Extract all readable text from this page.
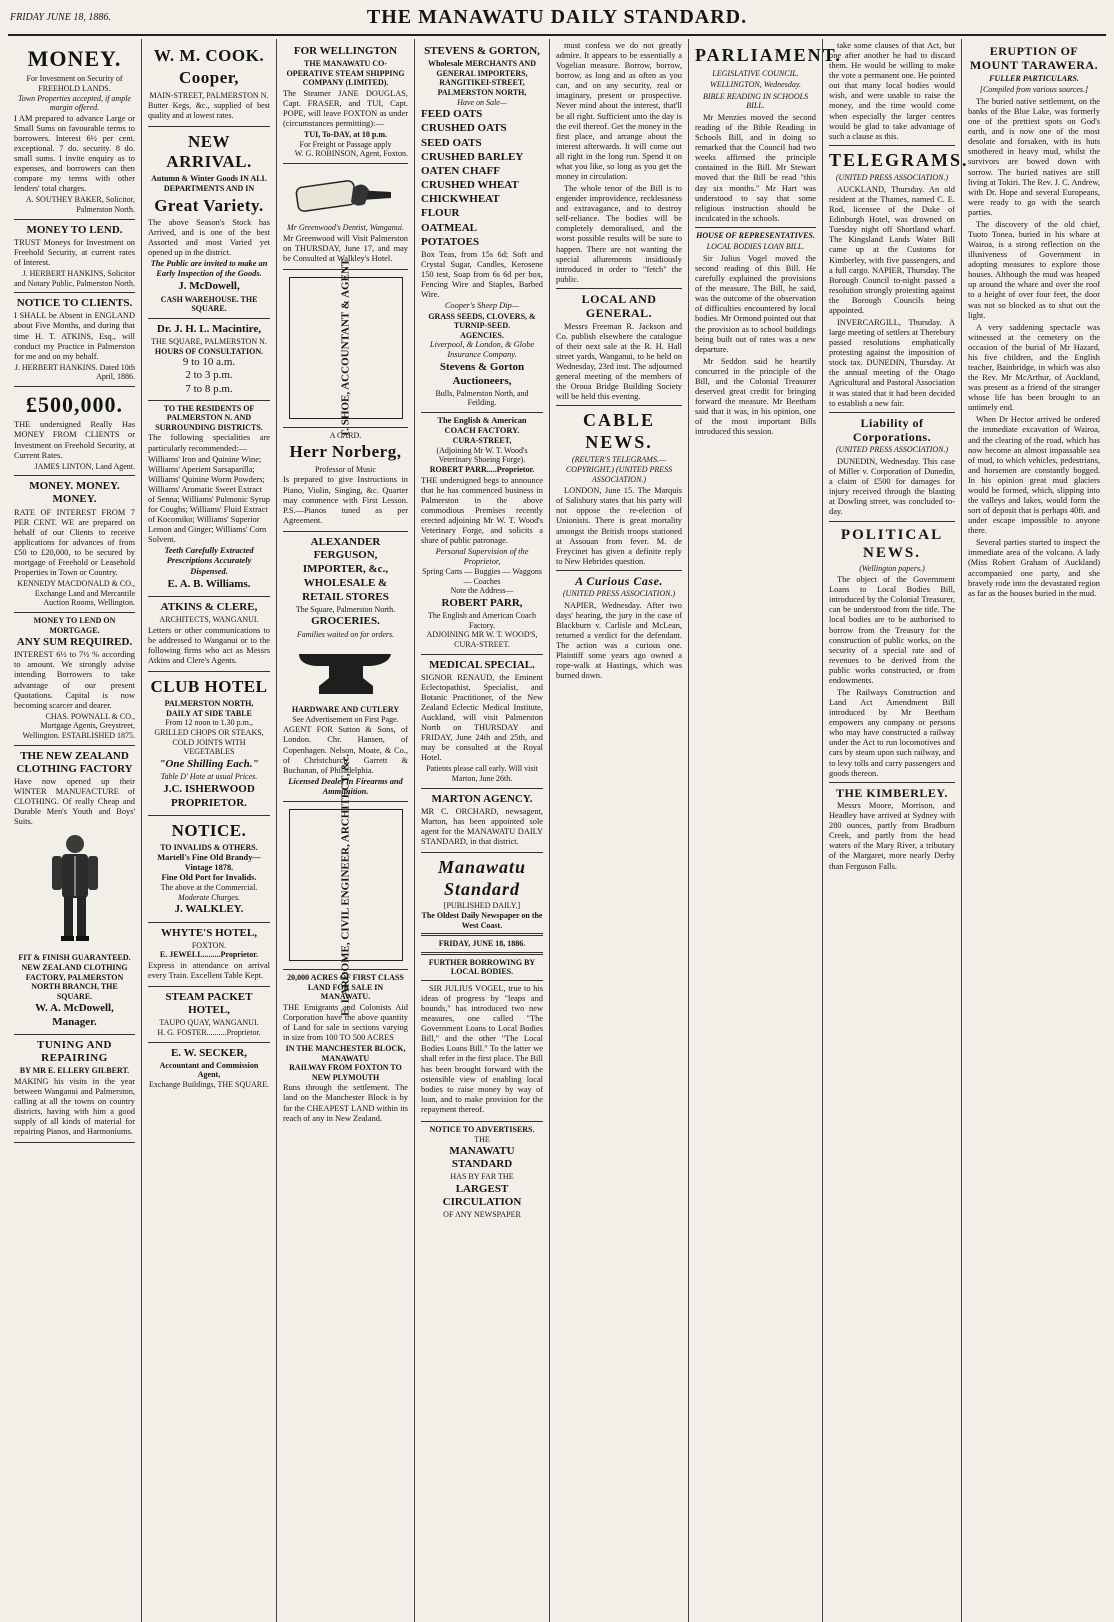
FRIDAY JUNE 18, 1886.	THE MANAWATU DAILY STANDARD.
MONEY.
For Investment on Security of FREEHOLD LANDS.
Town Properties accepted, if ample margin offered.

I AM prepared to advance Large or Small Sums on favourable terms to borrowers. Interest 6½ per cent. exceptional. 7 do. security. 8 do. small sums. I invite enquiry as to expenses, and borrowers can then compare my terms with other lenders' total charges.

A. SOUTHEY BAKER, Solicitor, Palmerston North.
MONEY TO LEND.

TRUST Moneys for Investment on Freehold Security, at current rates of Interest.

J. HERBERT HANKINS, Solicitor and Notary Public, Palmerston North.
NOTICE TO CLIENTS.

I SHALL be Absent in ENGLAND about Five Months, and during that time H. T. ATKINS, Esq., will conduct my Practice in Palmerston for me and on my behalf.

J. HERBERT HANKINS. Dated 10th April, 1886.
£500,000.

THE undersigned Really Has MONEY FROM CLIENTS or Investment on Freehold Security, at Current Rates.

JAMES LINTON, Land Agent.
MONEY. MONEY. MONEY.

RATE OF INTEREST FROM 7 PER CENT. WE are prepared on behalf of our Clients to receive applications for advances of from £50 to £20,000, to be secured by mortgage of Freehold or Leasehold Properties in Town or Country.

KENNEDY MACDONALD & CO., Exchange Land and Mercantile Auction Rooms, Wellington.
MONEY TO LEND ON MORTGAGE.
ANY SUM REQUIRED.

INTEREST 6½ to 7½ % according to amount. We strongly advise intending Borrowers to take advantage of our present Quotations. Capital is now becoming scarcer and dearer.

CHAS. POWNALL & CO., Mortgage Agents, Greystreet, Wellington. ESTABLISHED 1875.
THE NEW ZEALAND CLOTHING FACTORY

Have now opened up their WINTER MANUFACTURE of CLOTHING. Of really Cheap and Durable Men's Youth and Boys' Suits.

FIT & FINISH GUARANTEED.
NEW ZEALAND CLOTHING FACTORY, PALMERSTON NORTH BRANCH, THE SQUARE.
W. A. McDowell, Manager.
TUNING AND REPAIRING
BY MR E. ELLERY GILBERT.

MAKING his visits in the year between Wanganui and Palmerston, calling at all the towns on country districts, having with him a good supply of all kinds of material for repairing Pianos, and Harmoniums.

W. M. COOK.
Cooper,
MAIN-STREET, PALMERSTON N.

Butter Kegs, &c., supplied of best quality and at lowest rates.

NEW ARRIVAL.
Autumn & Winter Goods IN ALL DEPARTMENTS AND IN
Great Variety.

The above Season's Stock has Arrived, and is one of the best Assorted and most Varied yet opened up in the district.

The Public are invited to make an Early Inspection of the Goods.
J. McDowell,
CASH WAREHOUSE. THE SQUARE.
Dr. J. H. L. Macintire,
THE SQUARE, PALMERSTON N.
HOURS OF CONSULTATION.
9 to 10 a.m.
2 to 3 p.m.
7 to 8 p.m.
TO THE RESIDENTS OF PALMERSTON N. AND SURROUNDING DISTRICTS.

The following specialities are particularly recommended:—

Williams' Iron and Quinine Wine; Williams' Aperient Sarsaparilla; Williams' Quinine Worm Powders; Williams' Aromatic Sweet Extract of Senna; Williams' Pulmonic Syrup for Coughs; Williams' Fluid Extract of Kocomiko; Williams' Superior Lemon and Ginger; Williams' Corn Solvent.

Teeth Carefully Extracted
Prescriptions Accurately Dispensed.
E. A. B. Williams.
ATKINS & CLERE,
ARCHITECTS, WANGANUI.

Letters or other communications to be addressed to Wanganui or to the following firms who act as Messrs Atkins and Clere's Agents.

CLUB HOTEL
PALMERSTON NORTH,
DAILY AT SIDE TABLE
From 12 noon to 1.30 p.m., GRILLED CHOPS OR STEAKS, COLD JOINTS WITH VEGETABLES
"One Shilling Each."
Table D' Hote at usual Prices.
J.C. ISHERWOOD
PROPRIETOR.
NOTICE.
TO INVALIDS & OTHERS.
Martell's Fine Old Brandy— Vintage 1878.
Fine Old Port for Invalids.
The above at the Commercial.
Moderate Charges.
J. WALKLEY.
WHYTE'S HOTEL,
FOXTON.
E. JEWELL.........Proprietor.

Express in attendance on arrival every Train. Excellent Table Kept.

STEAM PACKET HOTEL,
TAUPO QUAY, WANGANUI.
H. G. FOSTER..........Proprietor.
E. W. SECKER,
Accountant and Commission Agent,
Exchange Buildings, THE SQUARE.
FOR WELLINGTON
THE MANAWATU CO-OPERATIVE STEAM SHIPPING COMPANY (LIMITED).

The Steamer JANE DOUGLAS, Capt. FRASER, and TUI, Capt. POPE, will leave FOXTON as under (circumstances permitting):—

TUI, To-DAY, at 10 p.m.
For Freight or Passage apply
W. G. ROBINSON, Agent, Foxton.
Mr Greenwood's Dentist, Wanganui.

Mr Greenwood will Visit Palmerston on THURSDAY, June 17, and may be Consulted at Walkley's Hotel.

T. SHOE, ACCOUNTANT & AGENT
A CARD.
Herr Norberg,
Professor of Music

Is prepared to give Instructions in Piano, Violin, Singing, &c. Quarter may commence with First Lesson. P.S.—Pianos tuned as per Agreement.

ALEXANDER FERGUSON,
IMPORTER, &c.,
WHOLESALE & RETAIL STORES
The Square, Palmerston North.
GROCERIES.
Families waited on for orders.
HARDWARE AND CUTLERY
See Advertisement on First Page.

AGENT FOR Sutton & Sons, of London. Chr. Hansen, of Copenhagen. Nelson, Moate, & Co., of Christchurch. Garrett & Buchanan, of Philadelphia.

Licensed Dealer in Firearms and Ammunition.
E. LAROOME, CIVIL ENGINEER, ARCHITECT, &c.
20,000 ACRES OF FIRST CLASS LAND FOR SALE IN MANAWATU.

THE Emigrants and Colonists Aid Corporation have the above quantity of Land for sale in sections varying in size from 100 TO 500 ACRES

IN THE MANCHESTER BLOCK, MANAWATU
RAILWAY FROM FOXTON TO NEW PLYMOUTH

Runs through the settlement. The land on the Manchester Block is by far the CHEAPEST LAND within its reach of any in New Zealand.

STEVENS & GORTON,
Wholesale MERCHANTS AND GENERAL IMPORTERS,
RANGITIKEI-STREET, PALMERSTON NORTH,
Have on Sale—
FEED OATS
CRUSHED OATS
SEED OATS
CRUSHED BARLEY
OATEN CHAFF
CRUSHED WHEAT
CHICKWHEAT
FLOUR
OATMEAL
POTATOES

Box Teas, from 15s 6d; Soft and Crystal Sugar, Candles, Kerosene 150 test, Soap from 6s 6d per box, Fencing Wire and Staples, Barbed Wire.

Cooper's Sheep Dip—
GRASS SEEDS, CLOVERS, & TURNIP-SEED.
AGENCIES.
Liverpool, & London, & Globe Insurance Company.
Stevens & Gorton Auctioneers,
Bulls, Palmerston North, and Feilding.
The English & American COACH FACTORY.
CURA-STREET,
(Adjoining Mr W. T. Wood's Veterinary Shoeing Forge).
ROBERT PARR.....Proprietor.

THE undersigned begs to announce that he has commenced business in Palmerston in the above commodious Premises recently erected adjoining Mr W. T. Wood's Veterinary Forge, and solicits a share of public patronage.

Personal Supervision of the Proprietor,
Spring Carts — Buggies — Waggons — Coaches
Note the Address—
ROBERT PARR,
The English and American Coach Factory.
ADJOINING MR W. T. WOOD'S, CURA-STREET.
MEDICAL SPECIAL.

SIGNOR RENAUD, the Eminent Eclectopathist, Specialist, and Botanic Practitioner, of the New Zealand Eclectic Medical Institute, Auckland, will visit Palmerston North on THURSDAY and FRIDAY, June 24th and 25th, and may be consulted at the Royal Hotel.

Patients please call early. Will visit Marton, June 26th.
MARTON AGENCY.

MR C. ORCHARD, newsagent, Marton, has been appointed sole agent for the MANAWATU DAILY STANDARD, in that district.

Manawatu Standard
[PUBLISHED DAILY.]
The Oldest Daily Newspaper on the West Coast.
FRIDAY, JUNE 18, 1886.
FURTHER BORROWING BY LOCAL BODIES.

SIR JULIUS VOGEL, true to his ideas of progress by "leaps and bounds," has introduced two new measures, one called "The Government Loans to Local Bodies Bill," and the other "The Local Bodies Loans Bill." To the latter we shall refer in the first place. The Bill has been brought forward with the ostensible view of enabling local bodies to raise money by way of loan, and to make provision for the repayment thereof.

NOTICE TO ADVERTISERS.
THE
MANAWATU STANDARD
HAS BY FAR THE
LARGEST CIRCULATION
OF ANY NEWSPAPER

must confess we do not greatly admire. It appears to be essentially a Vogelian measure. Borrow, borrow, borrow, as long and as often as you can, and on any security, real or imaginary, present or prospective. Never mind about the interest, that'll be all right. Sufficient unto the day is the evil thereof. Get the money in the first place, and arrange about the interest afterwards. It will come out all right in the long run. Spend it on what you like, so long as you get the money in circulation.

The whole tenor of the Bill is to engender improvidence, recklessness and extravagance, and to destroy self-reliance. The bodies will be completely demoralised, and the worst possible results will be sure to happen. There are not wanting the special allurements insidiously introduced in order to "fetch" the public.

LOCAL AND GENERAL.

Messrs Freeman R. Jackson and Co. publish elsewhere the catalogue of their next sale at the R. H. Hall street yards, Wanganui, to be held on Wednesday, 23rd inst. The adjourned general meeting of the members of the Oroua Bridge Building Society will be held this evening.

CABLE NEWS.
(REUTER'S TELEGRAMS.—COPYRIGHT.) (UNITED PRESS ASSOCIATION.)

LONDON, June 15. The Marquis of Salisbury states that his party will not oppose the re-election of Unionists. There is great mortality amongst the British troops stationed at Assouan from fever. M. de Freycinet has given a definite reply to New Hebrides question.

A Curious Case.
(UNITED PRESS ASSOCIATION.)

NAPIER, Wednesday. After two days' hearing, the jury in the case of Blackburn v. Carlisle and McLean, returned a verdict for the defendant. The action was a curious one. Plaintiff some years ago owned a rope-walk at Hastings, which was burned down.

PARLIAMENT.
LEGISLATIVE COUNCIL.
WELLINGTON, Wednesday.
BIBLE READING IN SCHOOLS BILL.

Mr Menzies moved the second reading of the Bible Reading in Schools Bill, and in doing so remarked that the Council had two weeks affirmed the principle contained in the Bill. Mr Stewart moved that the Bill be read "this day six months." Mr Hart was understood to say that some religious instruction should be inculcated in the schools.

HOUSE OF REPRESENTATIVES.
LOCAL BODIES LOAN BILL.

Sir Julius Vogel moved the second reading of this Bill. He carefully explained the provisions of the measure. The Bill, he said, was the outcome of the observation of difficulties encountered by local bodies. Mr Ormond pointed out that the provision as to school buildings being built out of rates was a new departure.

Mr Seddon said he heartily concurred in the principle of the Bill, and the Colonial Treasurer deserved great credit for bringing forward the measure. Mr Beetham said that it was, in his opinion, one of the most important Bills introduced this session.

take some clauses of that Act, but one after another he had to discard them. He would be willing to make the vote a permanent one. He pointed out that many local bodies would wish, and were unable to raise the money, and the time would come when especially the larger centres would be glad to take advantage of such a clause as this.

TELEGRAMS.
(UNITED PRESS ASSOCIATION.)

AUCKLAND, Thursday. An old resident at the Thames, named C. E. Rod, licensee of the Duke of Edinburgh Hotel, was drowned on Tuesday night off Shortland wharf. The Kingsland Lands Water Bill came up at the Customs for Kimberley, with five passengers, and a full cargo. NAPIER, Thursday. The Borough Council to-night passed a resolution strongly protesting against the Borough Councils being appointed.

INVERCARGILL, Thursday. A large meeting of settlers at Therebury passed resolutions emphatically protesting against the imposition of stock tax. DUNEDIN, Thursday. At the annual meeting of the Otago Agricultural and Pastoral Association it was stated that it had been decided to establish a new fair.

Liability of Corporations.
(UNITED PRESS ASSOCIATION.)

DUNEDIN, Wednesday. This case of Miller v. Corporation of Dunedin, a claim of £500 for damages for injury received through the blasting at Dowling street, was concluded to-day.

POLITICAL NEWS.
(Wellington papers.)

The object of the Government Loans to Local Bodies Bill, introduced by the Colonial Treasurer, can be understood from the title. The local bodies are to be authorised to borrow from the Treasury for the construction of public works, on the security of a special rate and of revenues to be derived from the public works constructed, or from endowments.

The Railways Construction and Land Act Amendment Bill introduced by Mr Beetham empowers any company or persons who may have constructed a railway under the Act to run locomotives and cars by steam upon such railway, and to levy tolls and carry passengers and goods thereon.

THE KIMBERLEY.

Messrs Moore, Morrison, and Headley have arrived at Sydney with 280 ounces, partly from Bradburn Creek, and partly from the head waters of the Mary River, a tributary of the Margaret, more nearly Derby than Ferguson Falls.

ERUPTION OF MOUNT TARAWERA.
FULLER PARTICULARS.
[Compiled from various sources.]

The buried native settlement, on the banks of the Blue Lake, was formerly one of the prettiest spots on God's earth, and is now one of the most desolate and forsaken, with its huts smothered in heavy mud, whilst the survivors are bowed down with sorrow. The buried natives are still living at Tokiri. The Rev. J. C. Andrew, with Dr. Hope and several Europeans, were ready to go with the search parties.

The discovery of the old chief, Tuoto Tonea, buried in his whare at Wairoa, is a strong reflection on the illusiveness of Government in adopting measures to explore those houses. Although the mud was heaped up around the whare and over the roof to a height of over four feet, the door was not so blocked as to shut out the light.

A very saddening spectacle was witnessed at the cemetery on the occasion of the burial of Mr Hazard, his five children, and the English teacher, Bainbridge, in which was also the Rev. Mr McArthur, of Auckland, was present as a friend of the stranger whose life has been brought to an untimely end.

When Dr Hector arrived he ordered the immediate excavation of Wairoa, and the clearing of the road, which has now become an almost impassable sea of mud, to which vehicles, pedestrians, and horsemen are constantly bogged. In his opinion great mud glaciers would be formed, which, slipping into the valleys and lakes, would form the sort of deposit that is perhaps 40ft. and under escape impossible to anyone there.

Several parties started to inspect the immediate area of the volcano. A lady (Miss Robert Graham of Auckland) accompanied one party, and she bravely rode into the devastated region as far as the houses buried in the mud.
